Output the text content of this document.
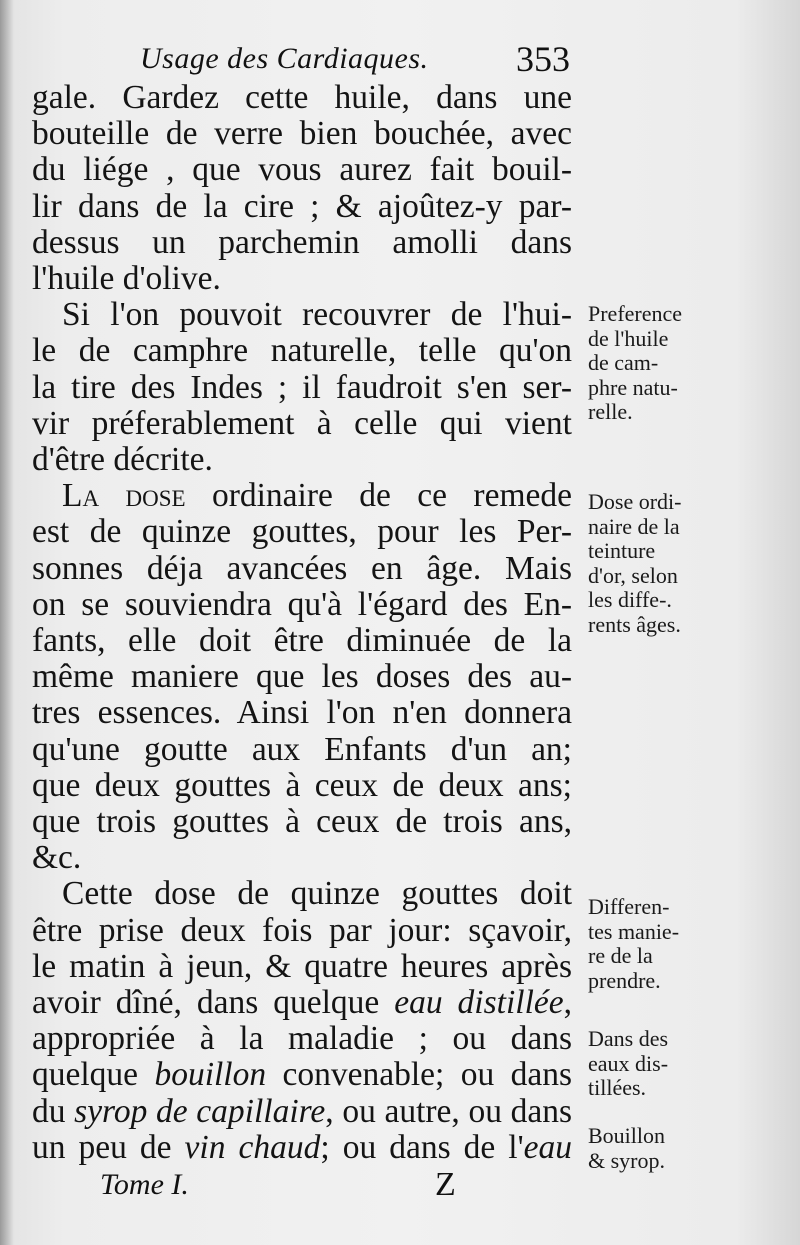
Usage des Cardiaques. 353
gale. Gardez cette huile, dans une
bouteille de verre bien bouchée, avec
du liége , que vous aurez fait bouil-
lir dans de la cire ; & ajoûtez-y par-
dessus un parchemin amolli dans
l'huile d'olive.
Si l'on pouvoit recouvrer de l'hui-
le de camphre naturelle, telle qu'on
la tire des Indes ; il faudroit s'en ser-
vir préferablement à celle qui vient
d'être décrite.
La dose ordinaire de ce remede
est de quinze gouttes, pour les Per-
sonnes déja avancées en âge. Mais
on se souviendra qu'à l'égard des En-
fants, elle doit être diminuée de la
même maniere que les doses des au-
tres essences. Ainsi l'on n'en donnera
qu'une goutte aux Enfants d'un an;
que deux gouttes à ceux de deux ans;
que trois gouttes à ceux de trois ans,
&c.
Cette dose de quinze gouttes doit
être prise deux fois par jour: sçavoir,
le matin à jeun, & quatre heures après
avoir dîné, dans quelque eau distillée,
appropriée à la maladie ; ou dans
quelque bouillon convenable; ou dans
du syrop de capillaire, ou autre, ou dans
un peu de vin chaud; ou dans de l'eau
Preference
de l'huile
de cam-
phre natu-
relle.
Dose ordi-
naire de la
teinture
d'or, selon
les diffe-.
rents âges.
Differen-
tes manie-
re de la
prendre.
Dans des
eaux dis-
tillées.
Bouillon
& syrop.
Tome I.	Z
